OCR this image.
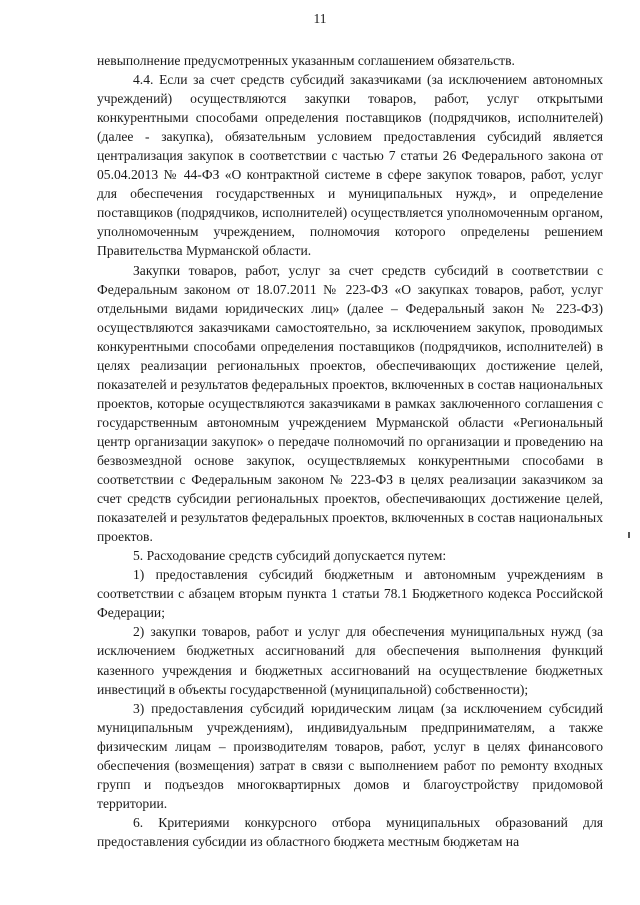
11

невыполнение предусмотренных указанным соглашением обязательств.

4.4. Если за счет средств субсидий заказчиками (за исключением автономных учреждений) осуществляются закупки товаров, работ, услуг открытыми конкурентными способами определения поставщиков (подрядчиков, исполнителей) (далее - закупка), обязательным условием предоставления субсидий является централизация закупок в соответствии с частью 7 статьи 26 Федерального закона от 05.04.2013 № 44-ФЗ «О контрактной системе в сфере закупок товаров, работ, услуг для обеспечения государственных и муниципальных нужд», и определение поставщиков (подрядчиков, исполнителей) осуществляется уполномоченным органом, уполномоченным учреждением, полномочия которого определены решением Правительства Мурманской области.

Закупки товаров, работ, услуг за счет средств субсидий в соответствии с Федеральным законом от 18.07.2011 № 223-ФЗ «О закупках товаров, работ, услуг отдельными видами юридических лиц» (далее – Федеральный закон № 223-ФЗ) осуществляются заказчиками самостоятельно, за исключением закупок, проводимых конкурентными способами определения поставщиков (подрядчиков, исполнителей) в целях реализации региональных проектов, обеспечивающих достижение целей, показателей и результатов федеральных проектов, включенных в состав национальных проектов, которые осуществляются заказчиками в рамках заключенного соглашения с государственным автономным учреждением Мурманской области «Региональный центр организации закупок» о передаче полномочий по организации и проведению на безвозмездной основе закупок, осуществляемых конкурентными способами в соответствии с Федеральным законом № 223-ФЗ в целях реализации заказчиком за счет средств субсидии региональных проектов, обеспечивающих достижение целей, показателей и результатов федеральных проектов, включенных в состав национальных проектов.

5. Расходование средств субсидий допускается путем:

1) предоставления субсидий бюджетным и автономным учреждениям в соответствии с абзацем вторым пункта 1 статьи 78.1 Бюджетного кодекса Российской Федерации;

2) закупки товаров, работ и услуг для обеспечения муниципальных нужд (за исключением бюджетных ассигнований для обеспечения выполнения функций казенного учреждения и бюджетных ассигнований на осуществление бюджетных инвестиций в объекты государственной (муниципальной) собственности);

3) предоставления субсидий юридическим лицам (за исключением субсидий муниципальным учреждениям), индивидуальным предпринимателям, а также физическим лицам – производителям товаров, работ, услуг в целях финансового обеспечения (возмещения) затрат в связи с выполнением работ по ремонту входных групп и подъездов многоквартирных домов и благоустройству придомовой территории.

6. Критериями конкурсного отбора муниципальных образований для предоставления субсидии из областного бюджета местным бюджетам на
